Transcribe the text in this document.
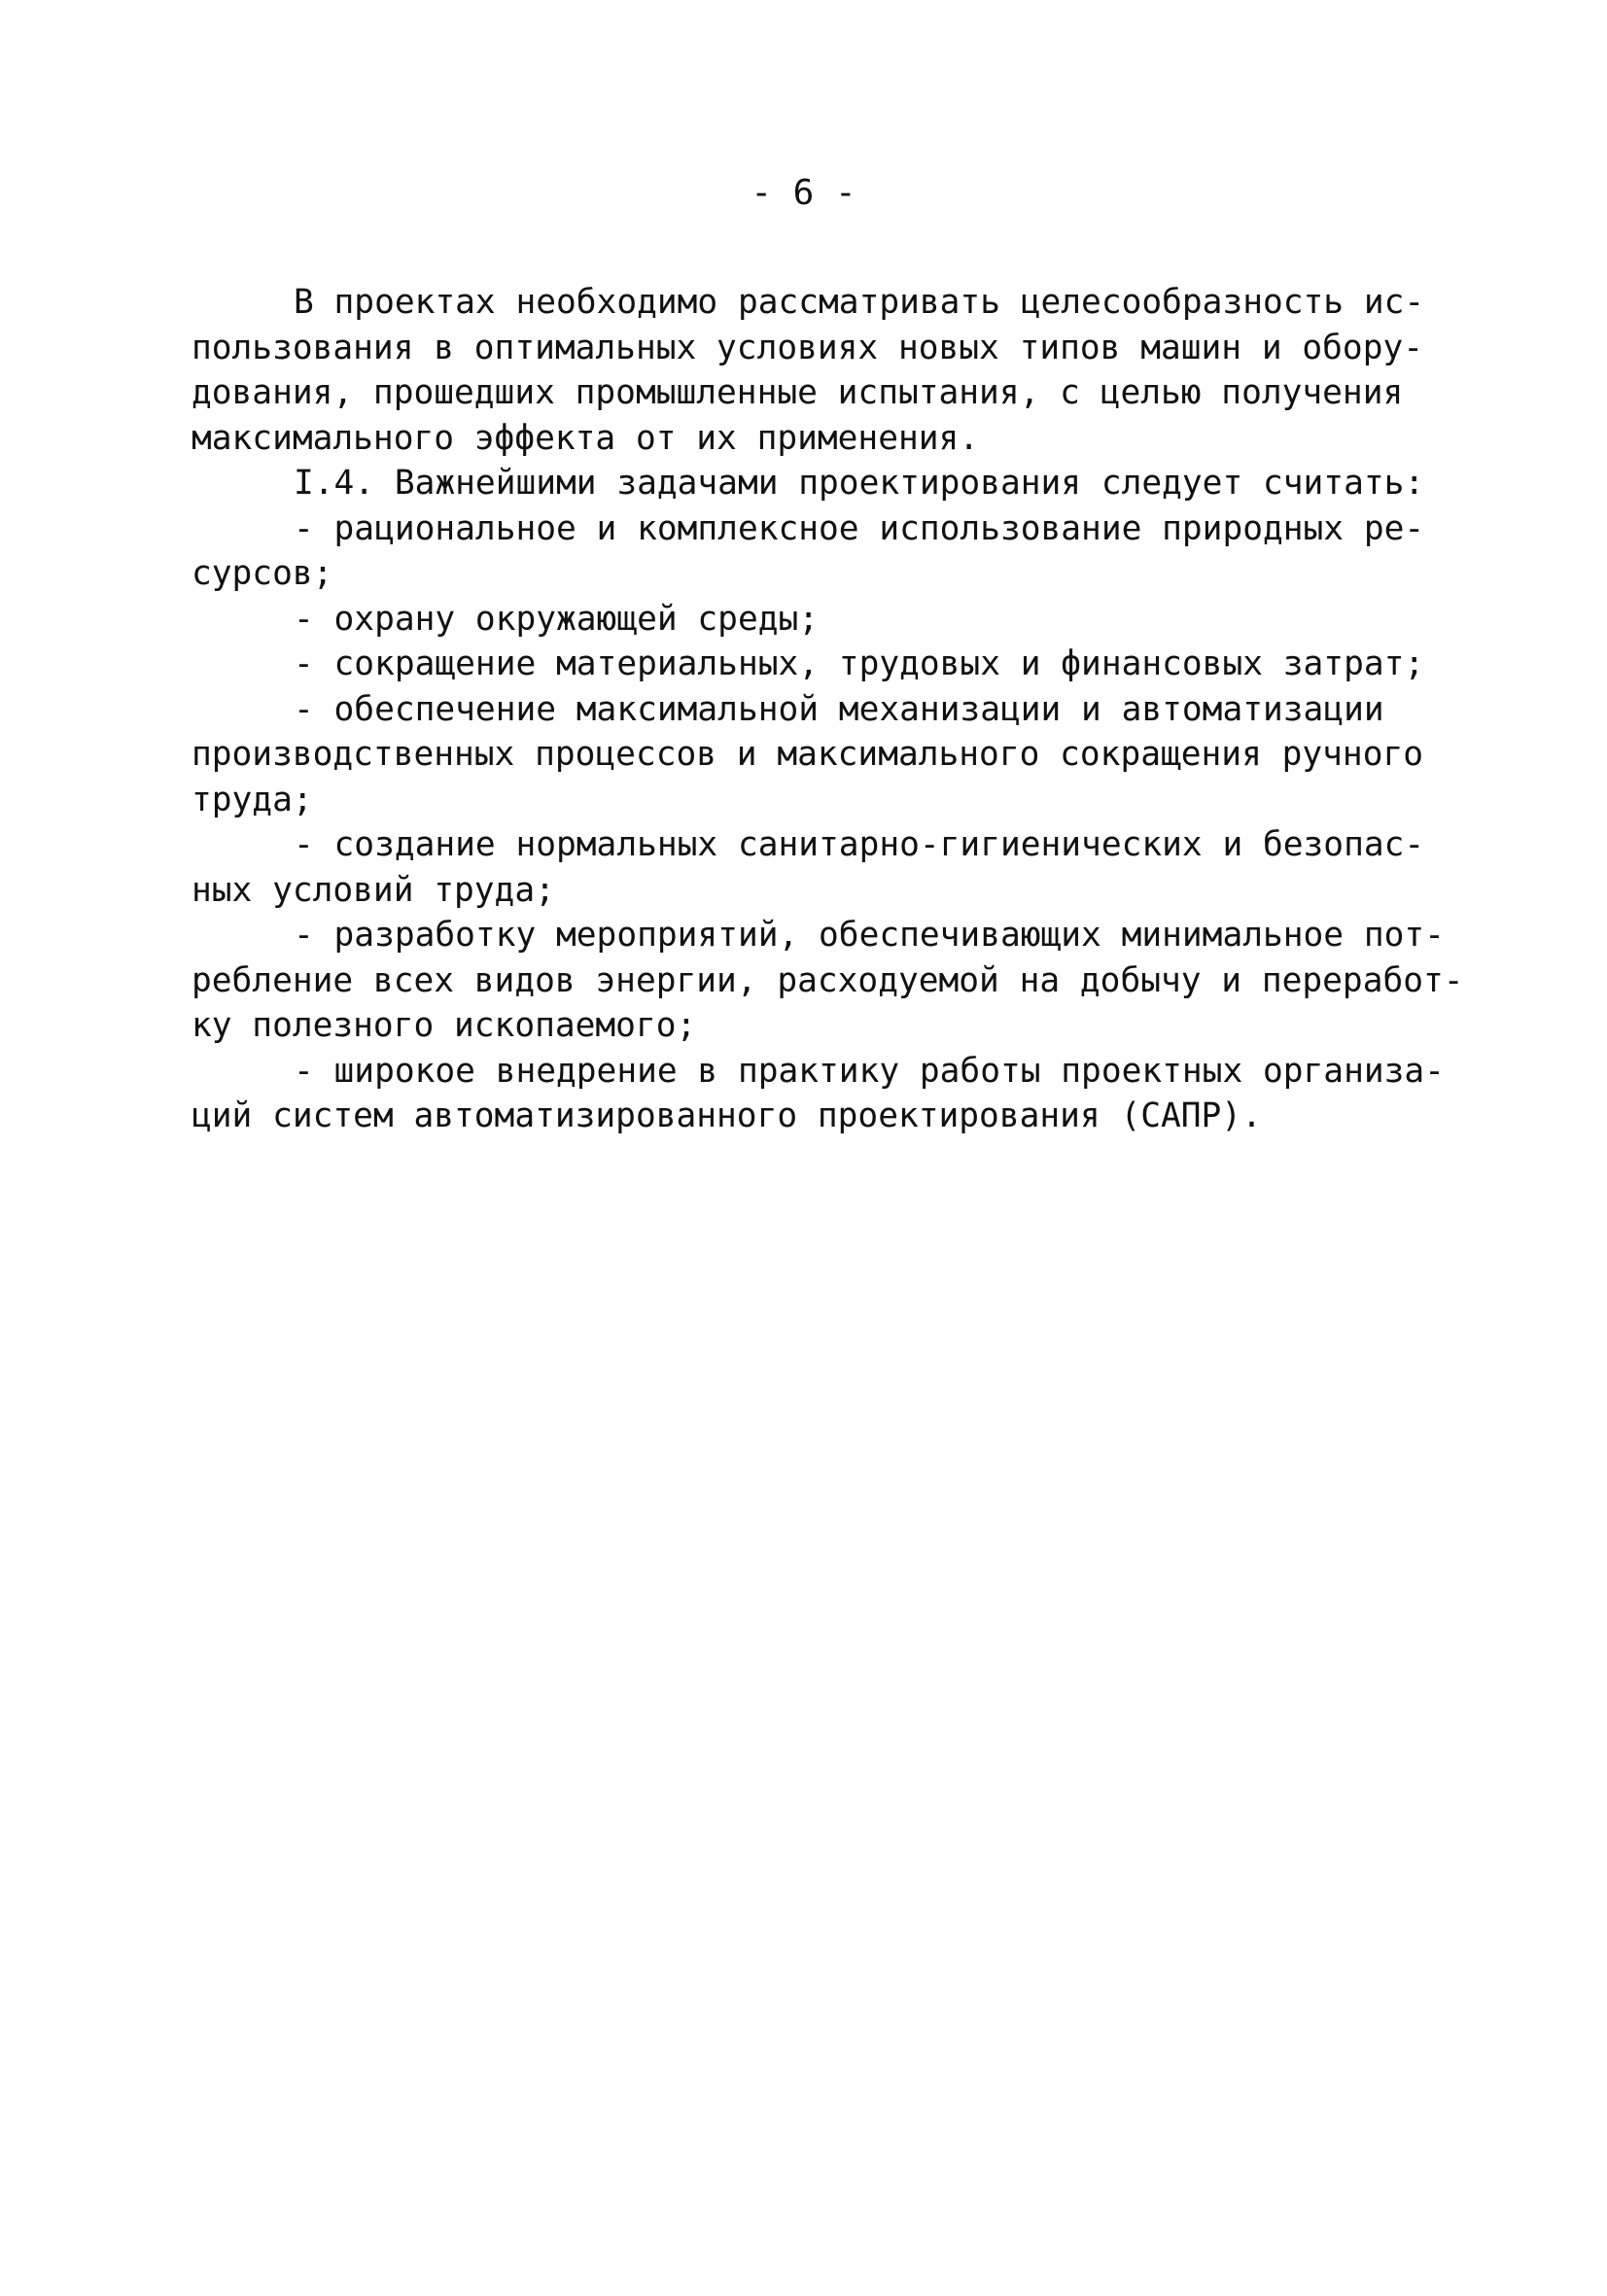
- 6 -
В проектах необходимо рассматривать целесообразность ис-
пользования в оптимальных условиях новых типов машин и обору-
дования, прошедших промышленные испытания, с целью получения
максимального эффекта от их применения.
I.4. Важнейшими задачами проектирования следует считать:
- рациональное и комплексное использование природных ре-
сурсов;
- охрану окружающей среды;
- сокращение материальных, трудовых и финансовых затрат;
- обеспечение максимальной механизации и автоматизации
производственных процессов и максимального сокращения ручного
труда;
- создание нормальных санитарно-гигиенических и безопас-
ных условий труда;
- разработку мероприятий, обеспечивающих минимальное пот-
ребление всех видов энергии, расходуемой на добычу и переработ-
ку полезного ископаемого;
- широкое внедрение в практику работы проектных организа-
ций систем автоматизированного проектирования (САПР).
